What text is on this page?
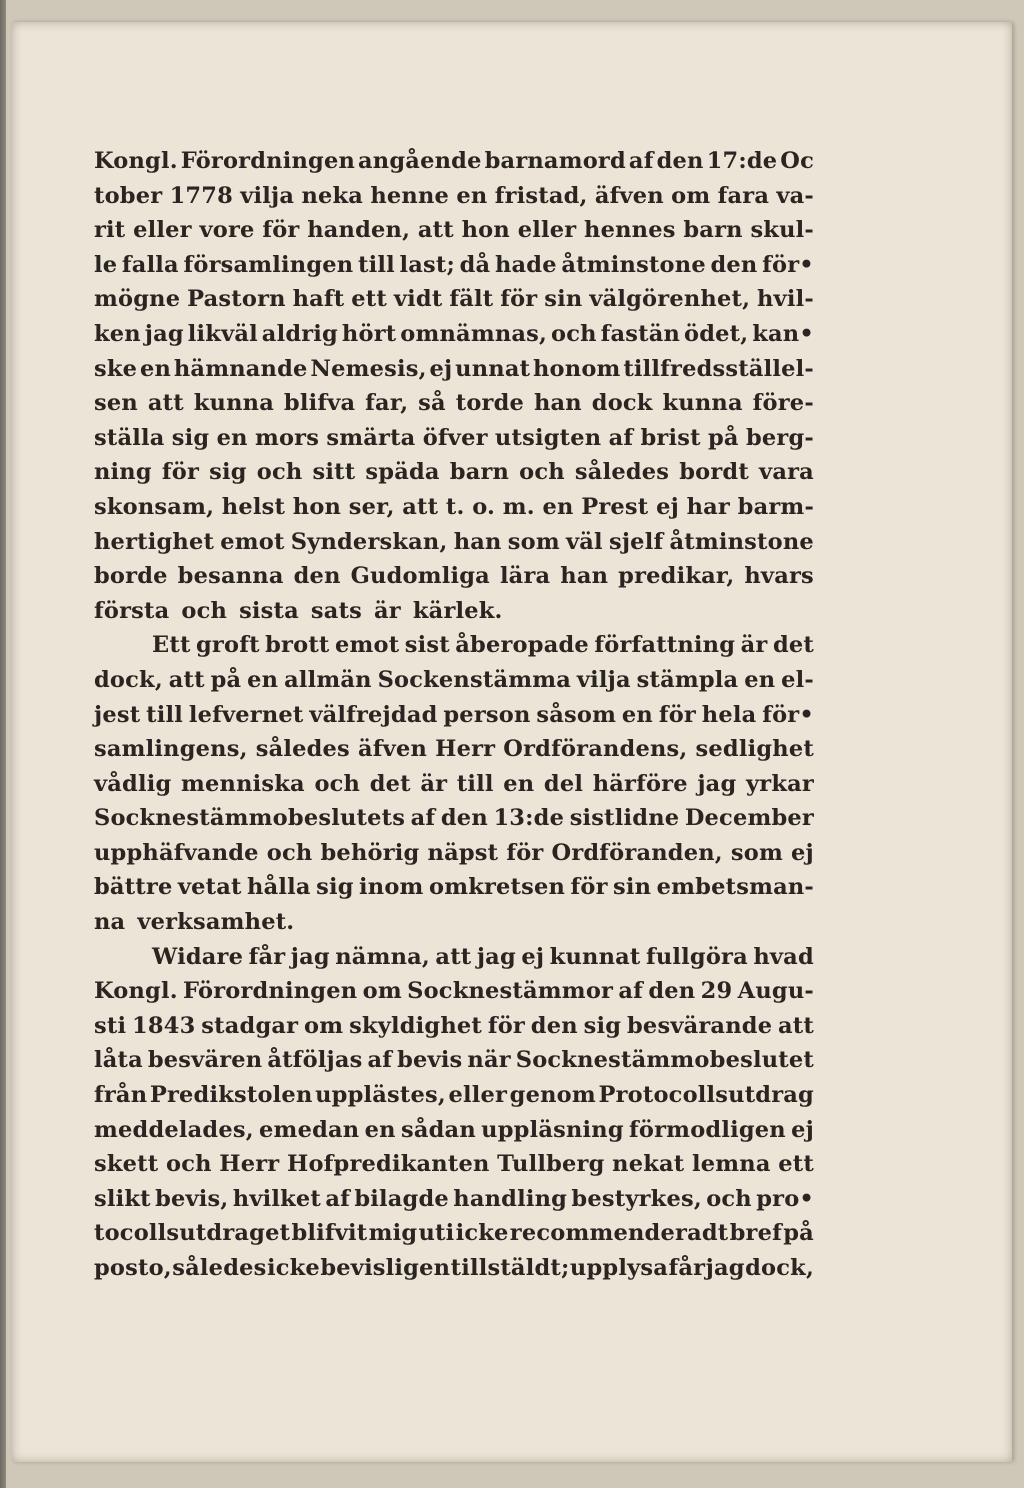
Kongl. Förordningen angående barnamord af den 17:de Oc
tober 1778 vilja neka henne en fristad, äfven om fara va-
rit eller vore för handen, att hon eller hennes barn skul-
le falla församlingen till last; då hade åtminstone den för•
mögne Pastorn haft ett vidt fält för sin välgörenhet, hvil-
ken jag likväl aldrig hört omnämnas, och fastän ödet, kan•
ske en hämnande Nemesis, ej unnat honom tillfredsställel-
sen att kunna blifva far, så torde han dock kunna före-
ställa sig en mors smärta öfver utsigten af brist på berg-
ning för sig och sitt späda barn och således bordt vara
skonsam, helst hon ser, att t. o. m. en Prest ej har barm-
hertighet emot Synderskan, han som väl sjelf åtminstone
borde besanna den Gudomliga lära han predikar, hvars
första och sista sats är kärlek.
Ett groft brott emot sist åberopade författning är det
dock, att på en allmän Sockenstämma vilja stämpla en el-
jest till lefvernet välfrejdad person såsom en för hela för•
samlingens, således äfven Herr Ordförandens, sedlighet
vådlig menniska och det är till en del härföre jag yrkar
Socknestämmobeslutets af den 13:de sistlidne December
upphäfvande och behörig näpst för Ordföranden, som ej
bättre vetat hålla sig inom omkretsen för sin embetsman-
na verksamhet.
Widare får jag nämna, att jag ej kunnat fullgöra hvad
Kongl. Förordningen om Socknestämmor af den 29 Augu-
sti 1843 stadgar om skyldighet för den sig besvärande att
låta besvären åtföljas af bevis när Socknestämmobeslutet
från Predikstolen upplästes, eller genom Protocollsutdrag
meddelades, emedan en sådan uppläsning förmodligen ej
skett och Herr Hofpredikanten Tullberg nekat lemna ett
slikt bevis, hvilket af bilagde handling bestyrkes, och pro•
tocollsutdraget blifvit mig uti icke recommenderadt bref på
posto, således icke bevisligen tillstäldt; upplysa får jag dock,
